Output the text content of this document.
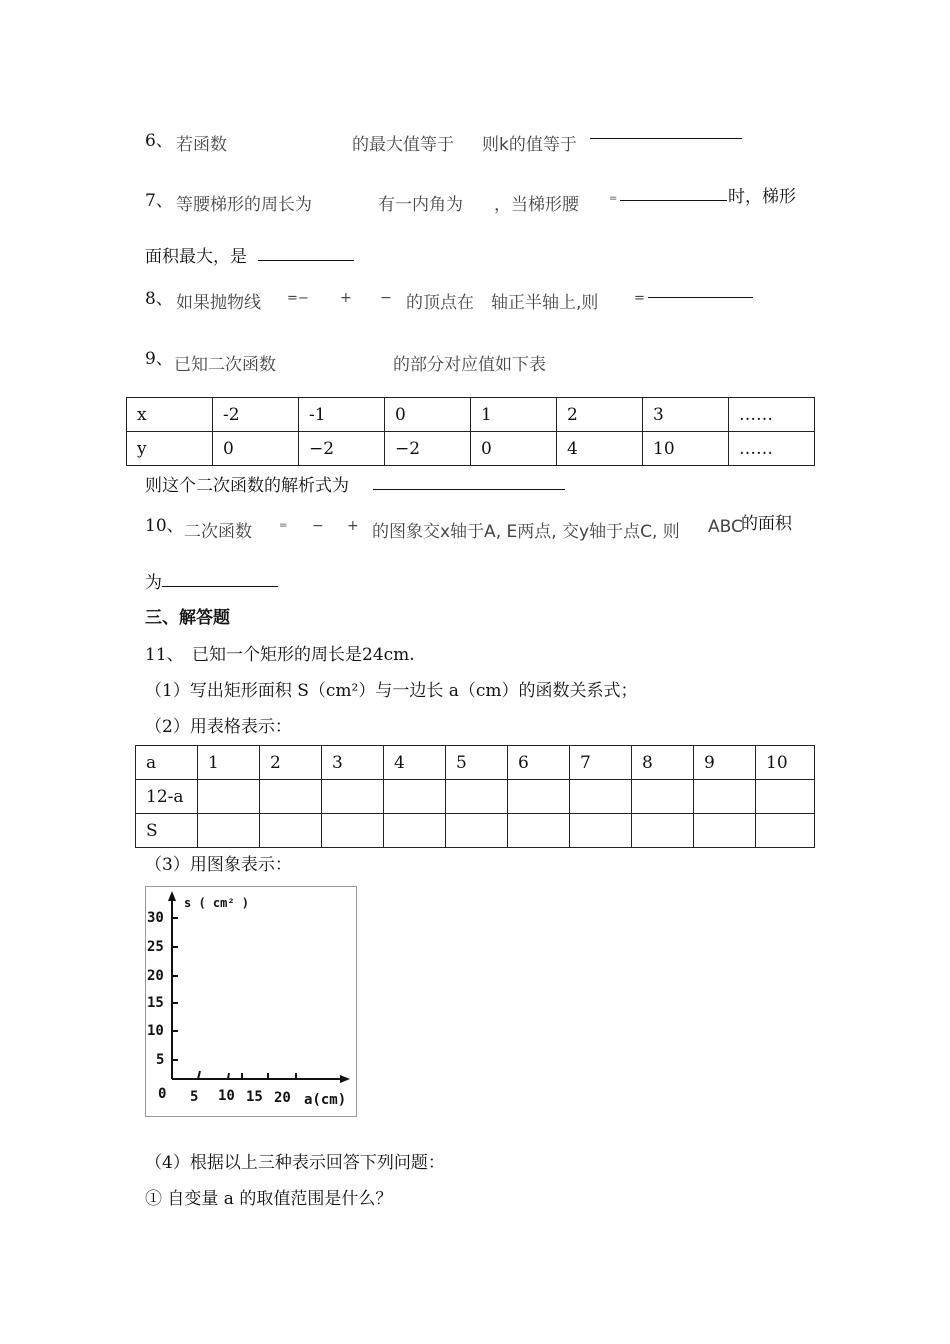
6、 若函数	的最大值等于 则k的值等于
7、 等腰梯形的周长为	有一内角为 ，当梯形腰	=	时，梯形
面积最大，是
8、 如果抛物线 =− + − 的顶点在 轴正半轴上,则	=
9、 已知二次函数	的部分对应值如下表
x	-2	-1	0	1	2	3	……
y	0	−2	−2	0	4	10	……
则这个二次函数的解析式为
10、 二次函数	= − + 的图象交x轴于A, E两点, 交y轴于点C, 则 ABC
的面积
为
三、解答题
11、 已知一个矩形的周长是24cm.
（1）写出矩形面积 S（cm²）与一边长 a（cm）的函数关系式；
（2）用表格表示：
a	1	2	3	4	5	6	7	8	9	10
12-a										
S										
（3）用图象表示：
s ( cm² )
30
25
20
15
10
5
0 5 10 15 20 a(cm)
（4）根据以上三种表示回答下列问题：
① 自变量 a 的取值范围是什么？
